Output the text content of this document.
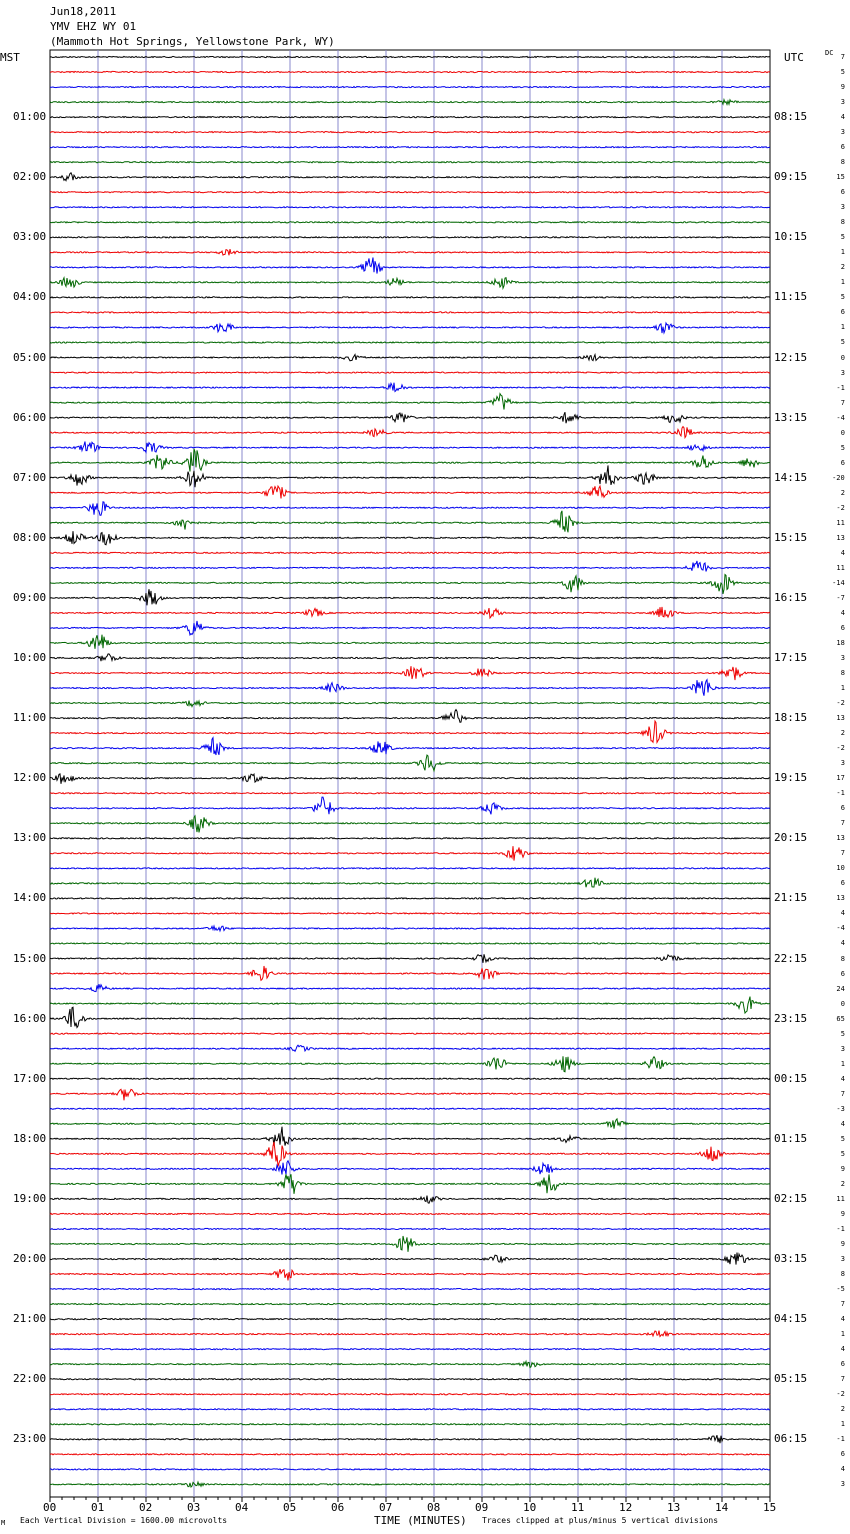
Jun18,2011
YMV EHZ WY 01
(Mammoth Hot Springs, Yellowstone Park, WY)
MST	UTC	DC
01:00
02:00
03:00
04:00
05:00
06:00
07:00
08:00
09:00
10:00
11:00
12:00
13:00
14:00
15:00
16:00
17:00
18:00
19:00
20:00
21:00
22:00
23:00
08:15
09:15
10:15
11:15
12:15
13:15
14:15
15:15
16:15
17:15
18:15
19:15
20:15
21:15
22:15
23:15
00:15
01:15
02:15
03:15
04:15
05:15
06:15
7
5
9
3
4
3
6
8
15
6
3
8
5
1
2
1
5
6
1
5
0
3
-1
7
-4
0
5
6
-20
2
-2
11
13
4
11
-14
-7
4
6
18
3
8
1
-2
13
2
-2
3
17
-1
6
7
13
7
10
6
13
4
-4
4
8
6
24
0
65
5
3
1
4
7
-3
4
5
5
9
2
11
9
-1
9
3
8
-5
7
4
1
4
6
7
-2
2
1
-1
6
4
3
00	01	02	03	04	05	06	07	08	09	10	11	12	13	14	15
M Each Vertical Division = 1600.00 microvolts	TIME (MINUTES) Traces clipped at plus/minus 5 vertical divisions
